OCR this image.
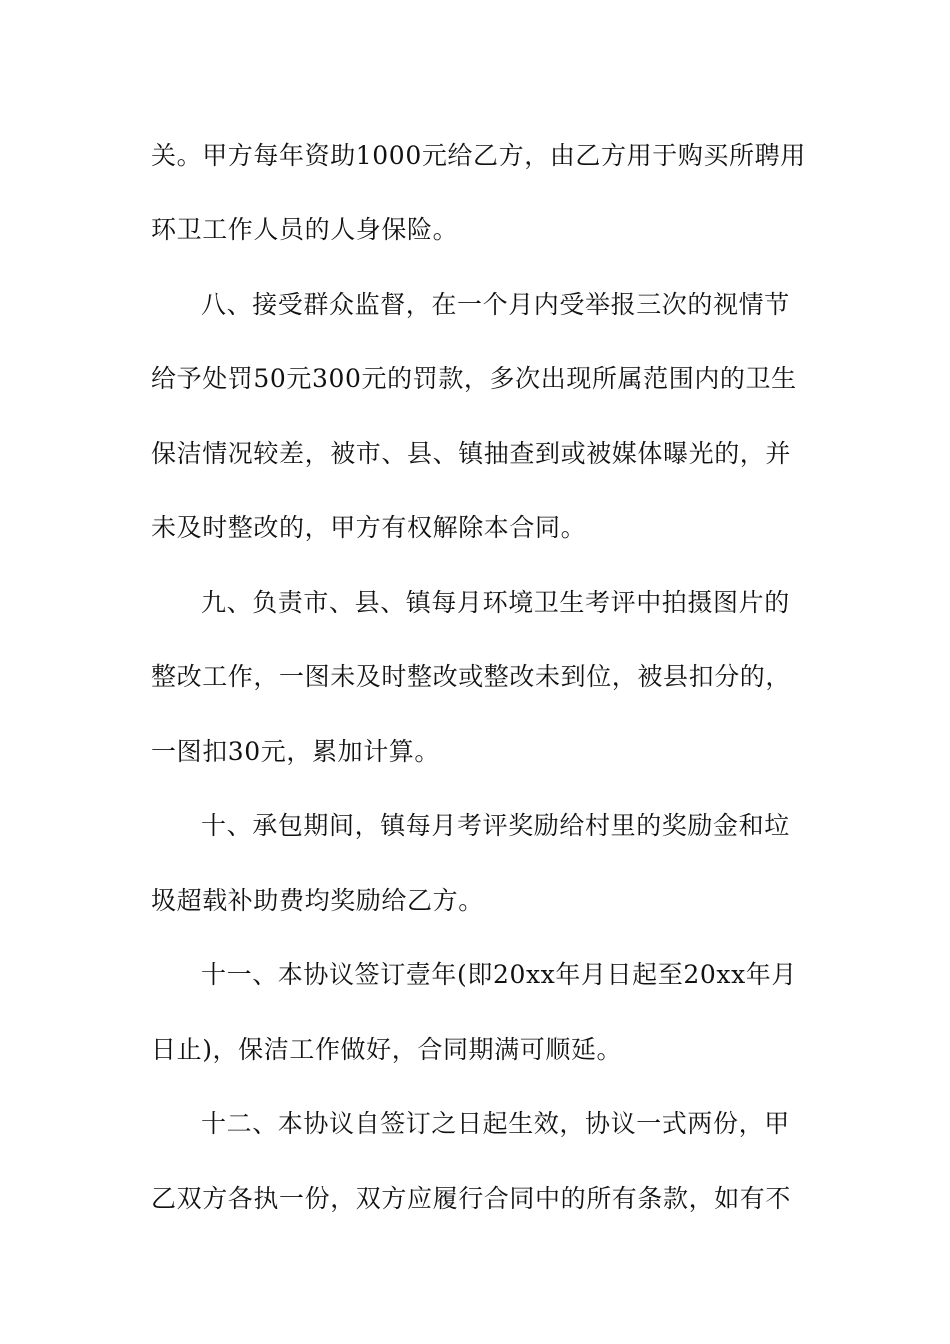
关。甲方每年资助1000元给乙方，由乙方用于购买所聘用
环卫工作人员的人身保险。
八、接受群众监督，在一个月内受举报三次的视情节
给予处罚50元300元的罚款，多次出现所属范围内的卫生
保洁情况较差，被市、县、镇抽查到或被媒体曝光的，并
未及时整改的，甲方有权解除本合同。
九、负责市、县、镇每月环境卫生考评中拍摄图片的
整改工作，一图未及时整改或整改未到位，被县扣分的，
一图扣30元，累加计算。
十、承包期间，镇每月考评奖励给村里的奖励金和垃
圾超载补助费均奖励给乙方。
十一、本协议签订壹年(即20xx年月日起至20xx年月
日止)，保洁工作做好，合同期满可顺延。
十二、本协议自签订之日起生效，协议一式两份，甲
乙双方各执一份，双方应履行合同中的所有条款，如有不
